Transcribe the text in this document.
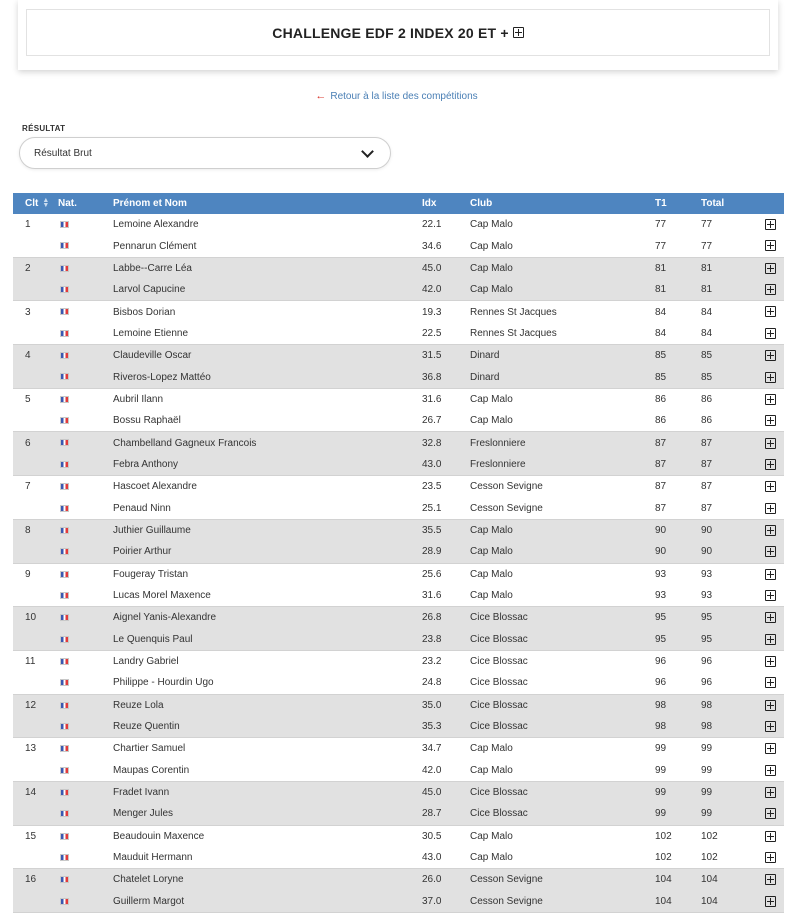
CHALLENGE EDF 2 INDEX 20 ET +
← Retour à la liste des compétitions
RÉSULTAT
Résultat Brut
Clt ▲
▼	Nat.	Prénom et Nom	Idx	Club	T1	Total	
1		Lemoine Alexandre	22.1	Cap Malo	77	77	
		Pennarun Clément	34.6	Cap Malo	77	77	
2		Labbe--Carre Léa	45.0	Cap Malo	81	81	
		Larvol Capucine	42.0	Cap Malo	81	81	
3		Bisbos Dorian	19.3	Rennes St Jacques	84	84	
		Lemoine Etienne	22.5	Rennes St Jacques	84	84	
4		Claudeville Oscar	31.5	Dinard	85	85	
		Riveros-Lopez Mattéo	36.8	Dinard	85	85	
5		Aubril Ilann	31.6	Cap Malo	86	86	
		Bossu Raphaël	26.7	Cap Malo	86	86	
6		Chambelland Gagneux Francois	32.8	Freslonniere	87	87	
		Febra Anthony	43.0	Freslonniere	87	87	
7		Hascoet Alexandre	23.5	Cesson Sevigne	87	87	
		Penaud Ninn	25.1	Cesson Sevigne	87	87	
8		Juthier Guillaume	35.5	Cap Malo	90	90	
		Poirier Arthur	28.9	Cap Malo	90	90	
9		Fougeray Tristan	25.6	Cap Malo	93	93	
		Lucas Morel Maxence	31.6	Cap Malo	93	93	
10		Aignel Yanis-Alexandre	26.8	Cice Blossac	95	95	
		Le Quenquis Paul	23.8	Cice Blossac	95	95	
11		Landry Gabriel	23.2	Cice Blossac	96	96	
		Philippe - Hourdin Ugo	24.8	Cice Blossac	96	96	
12		Reuze Lola	35.0	Cice Blossac	98	98	
		Reuze Quentin	35.3	Cice Blossac	98	98	
13		Chartier Samuel	34.7	Cap Malo	99	99	
		Maupas Corentin	42.0	Cap Malo	99	99	
14		Fradet Ivann	45.0	Cice Blossac	99	99	
		Menger Jules	28.7	Cice Blossac	99	99	
15		Beaudouin Maxence	30.5	Cap Malo	102	102	
		Mauduit Hermann	43.0	Cap Malo	102	102	
16		Chatelet Loryne	26.0	Cesson Sevigne	104	104	
		Guillerm Margot	37.0	Cesson Sevigne	104	104	
